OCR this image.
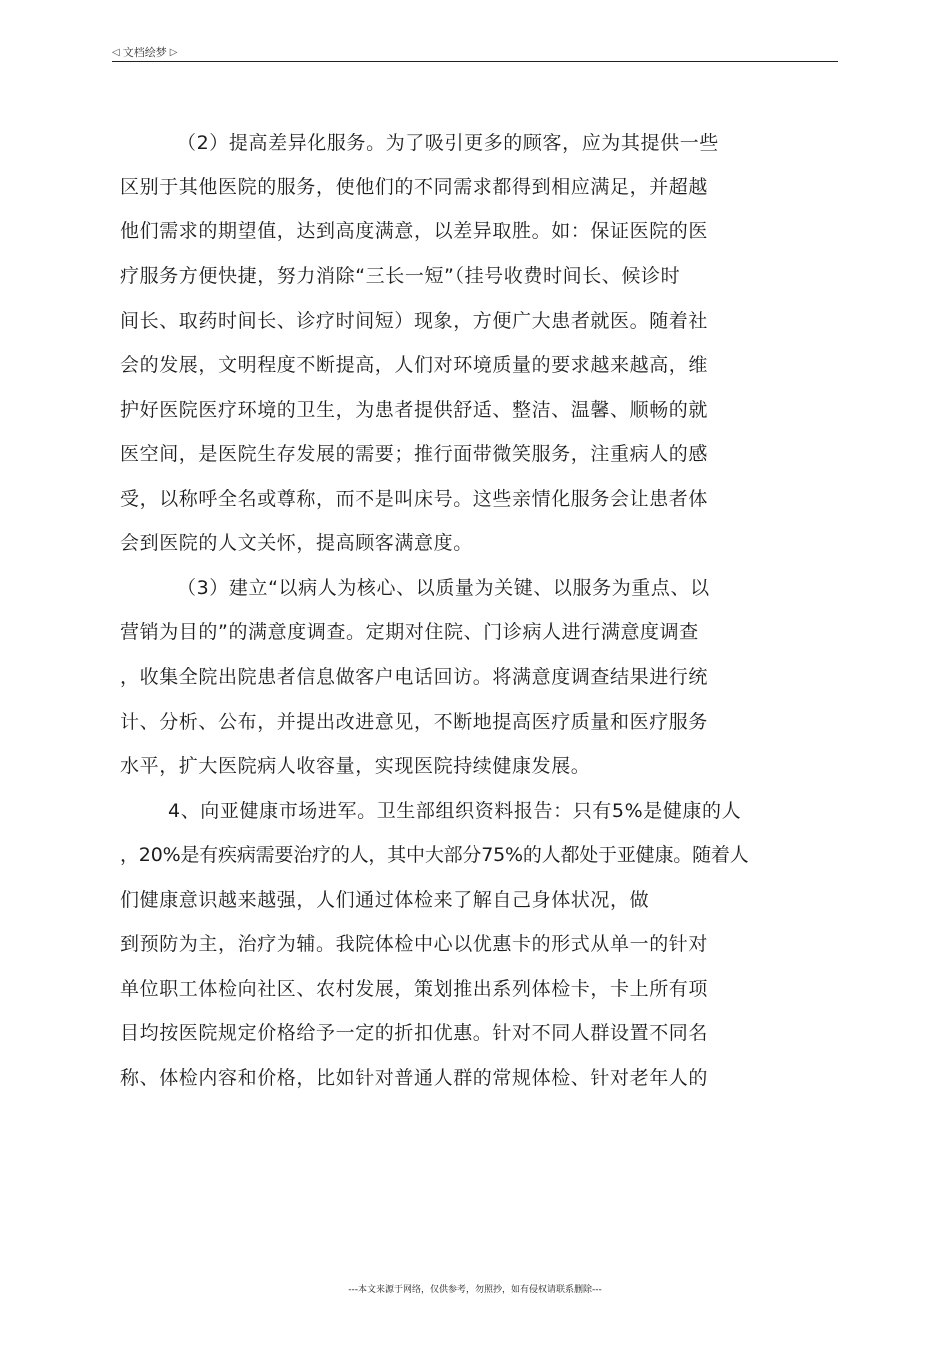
◁ 文档绘梦 ▷
（2）提高差异化服务。为了吸引更多的顾客，应为其提供一些
区别于其他医院的服务，使他们的不同需求都得到相应满足，并超越
他们需求的期望值，达到高度满意，以差异取胜。如：保证医院的医
疗服务方便快捷，努力消除“三长一短”（挂号收费时间长、候诊时
间长、取药时间长、诊疗时间短）现象，方便广大患者就医。随着社
会的发展，文明程度不断提高，人们对环境质量的要求越来越高，维
护好医院医疗环境的卫生，为患者提供舒适、整洁、温馨、顺畅的就
医空间，是医院生存发展的需要；推行面带微笑服务，注重病人的感
受，以称呼全名或尊称，而不是叫床号。这些亲情化服务会让患者体
会到医院的人文关怀，提高顾客满意度。
（3）建立“以病人为核心、以质量为关键、以服务为重点、以
营销为目的”的满意度调查。定期对住院、门诊病人进行满意度调查
，收集全院出院患者信息做客户电话回访。将满意度调查结果进行统
计、分析、公布，并提出改进意见，不断地提高医疗质量和医疗服务
水平，扩大医院病人收容量，实现医院持续健康发展。
4、向亚健康市场进军。卫生部组织资料报告：只有5%是健康的人
，20%是有疾病需要治疗的人，其中大部分75%的人都处于亚健康。随着人
们健康意识越来越强，人们通过体检来了解自己身体状况，做
到预防为主，治疗为辅。我院体检中心以优惠卡的形式从单一的针对
单位职工体检向社区、农村发展，策划推出系列体检卡，卡上所有项
目均按医院规定价格给予一定的折扣优惠。针对不同人群设置不同名
称、体检内容和价格，比如针对普通人群的常规体检、针对老年人的
---本文来源于网络，仅供参考，勿照抄，如有侵权请联系删除---
